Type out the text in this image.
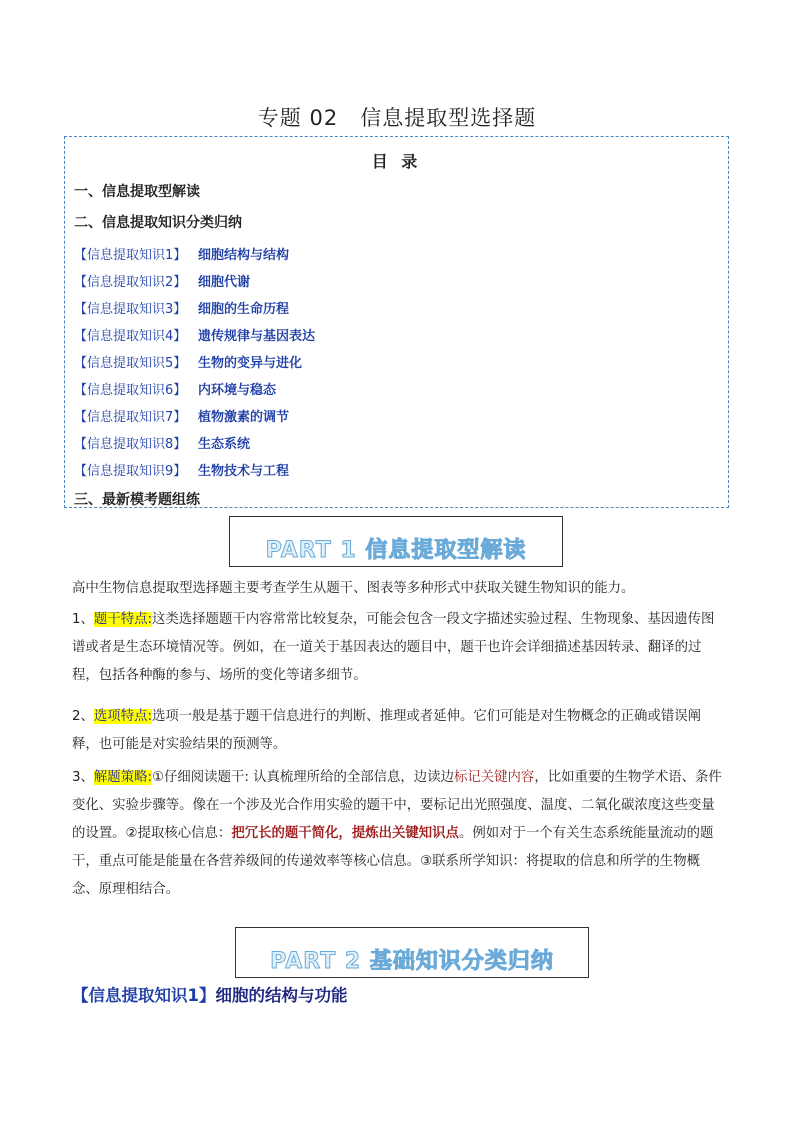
专题 02 信息提取型选择题
目 录
一、信息提取型解读
二、信息提取知识分类归纳
【信息提取知识1】 细胞结构与结构
【信息提取知识2】 细胞代谢
【信息提取知识3】 细胞的生命历程
【信息提取知识4】 遗传规律与基因表达
【信息提取知识5】 生物的变异与进化
【信息提取知识6】 内环境与稳态
【信息提取知识7】 植物激素的调节
【信息提取知识8】 生态系统
【信息提取知识9】 生物技术与工程
三、最新模考题组练
PART 1 信息提取型解读
高中生物信息提取型选择题主要考查学生从题干、图表等多种形式中获取关键生物知识的能力。
1、题干特点:这类选择题题干内容常常比较复杂，可能会包含一段文字描述实验过程、生物现象、基因遗传图谱或者是生态环境情况等。例如，在一道关于基因表达的题目中，题干也许会详细描述基因转录、翻译的过程，包括各种酶的参与、场所的变化等诸多细节。
2、选项特点:选项一般是基于题干信息进行的判断、推理或者延伸。它们可能是对生物概念的正确或错误阐释，也可能是对实验结果的预测等。
3、解题策略:①仔细阅读题干: 认真梳理所给的全部信息，边读边标记关键内容，比如重要的生物学术语、条件变化、实验步骤等。像在一个涉及光合作用实验的题干中，要标记出光照强度、温度、二氧化碳浓度这些变量的设置。②提取核心信息：把冗长的题干简化，提炼出关键知识点。例如对于一个有关生态系统能量流动的题干，重点可能是能量在各营养级间的传递效率等核心信息。③联系所学知识：将提取的信息和所学的生物概念、原理相结合。
PART 2 基础知识分类归纳
【信息提取知识1】细胞的结构与功能
